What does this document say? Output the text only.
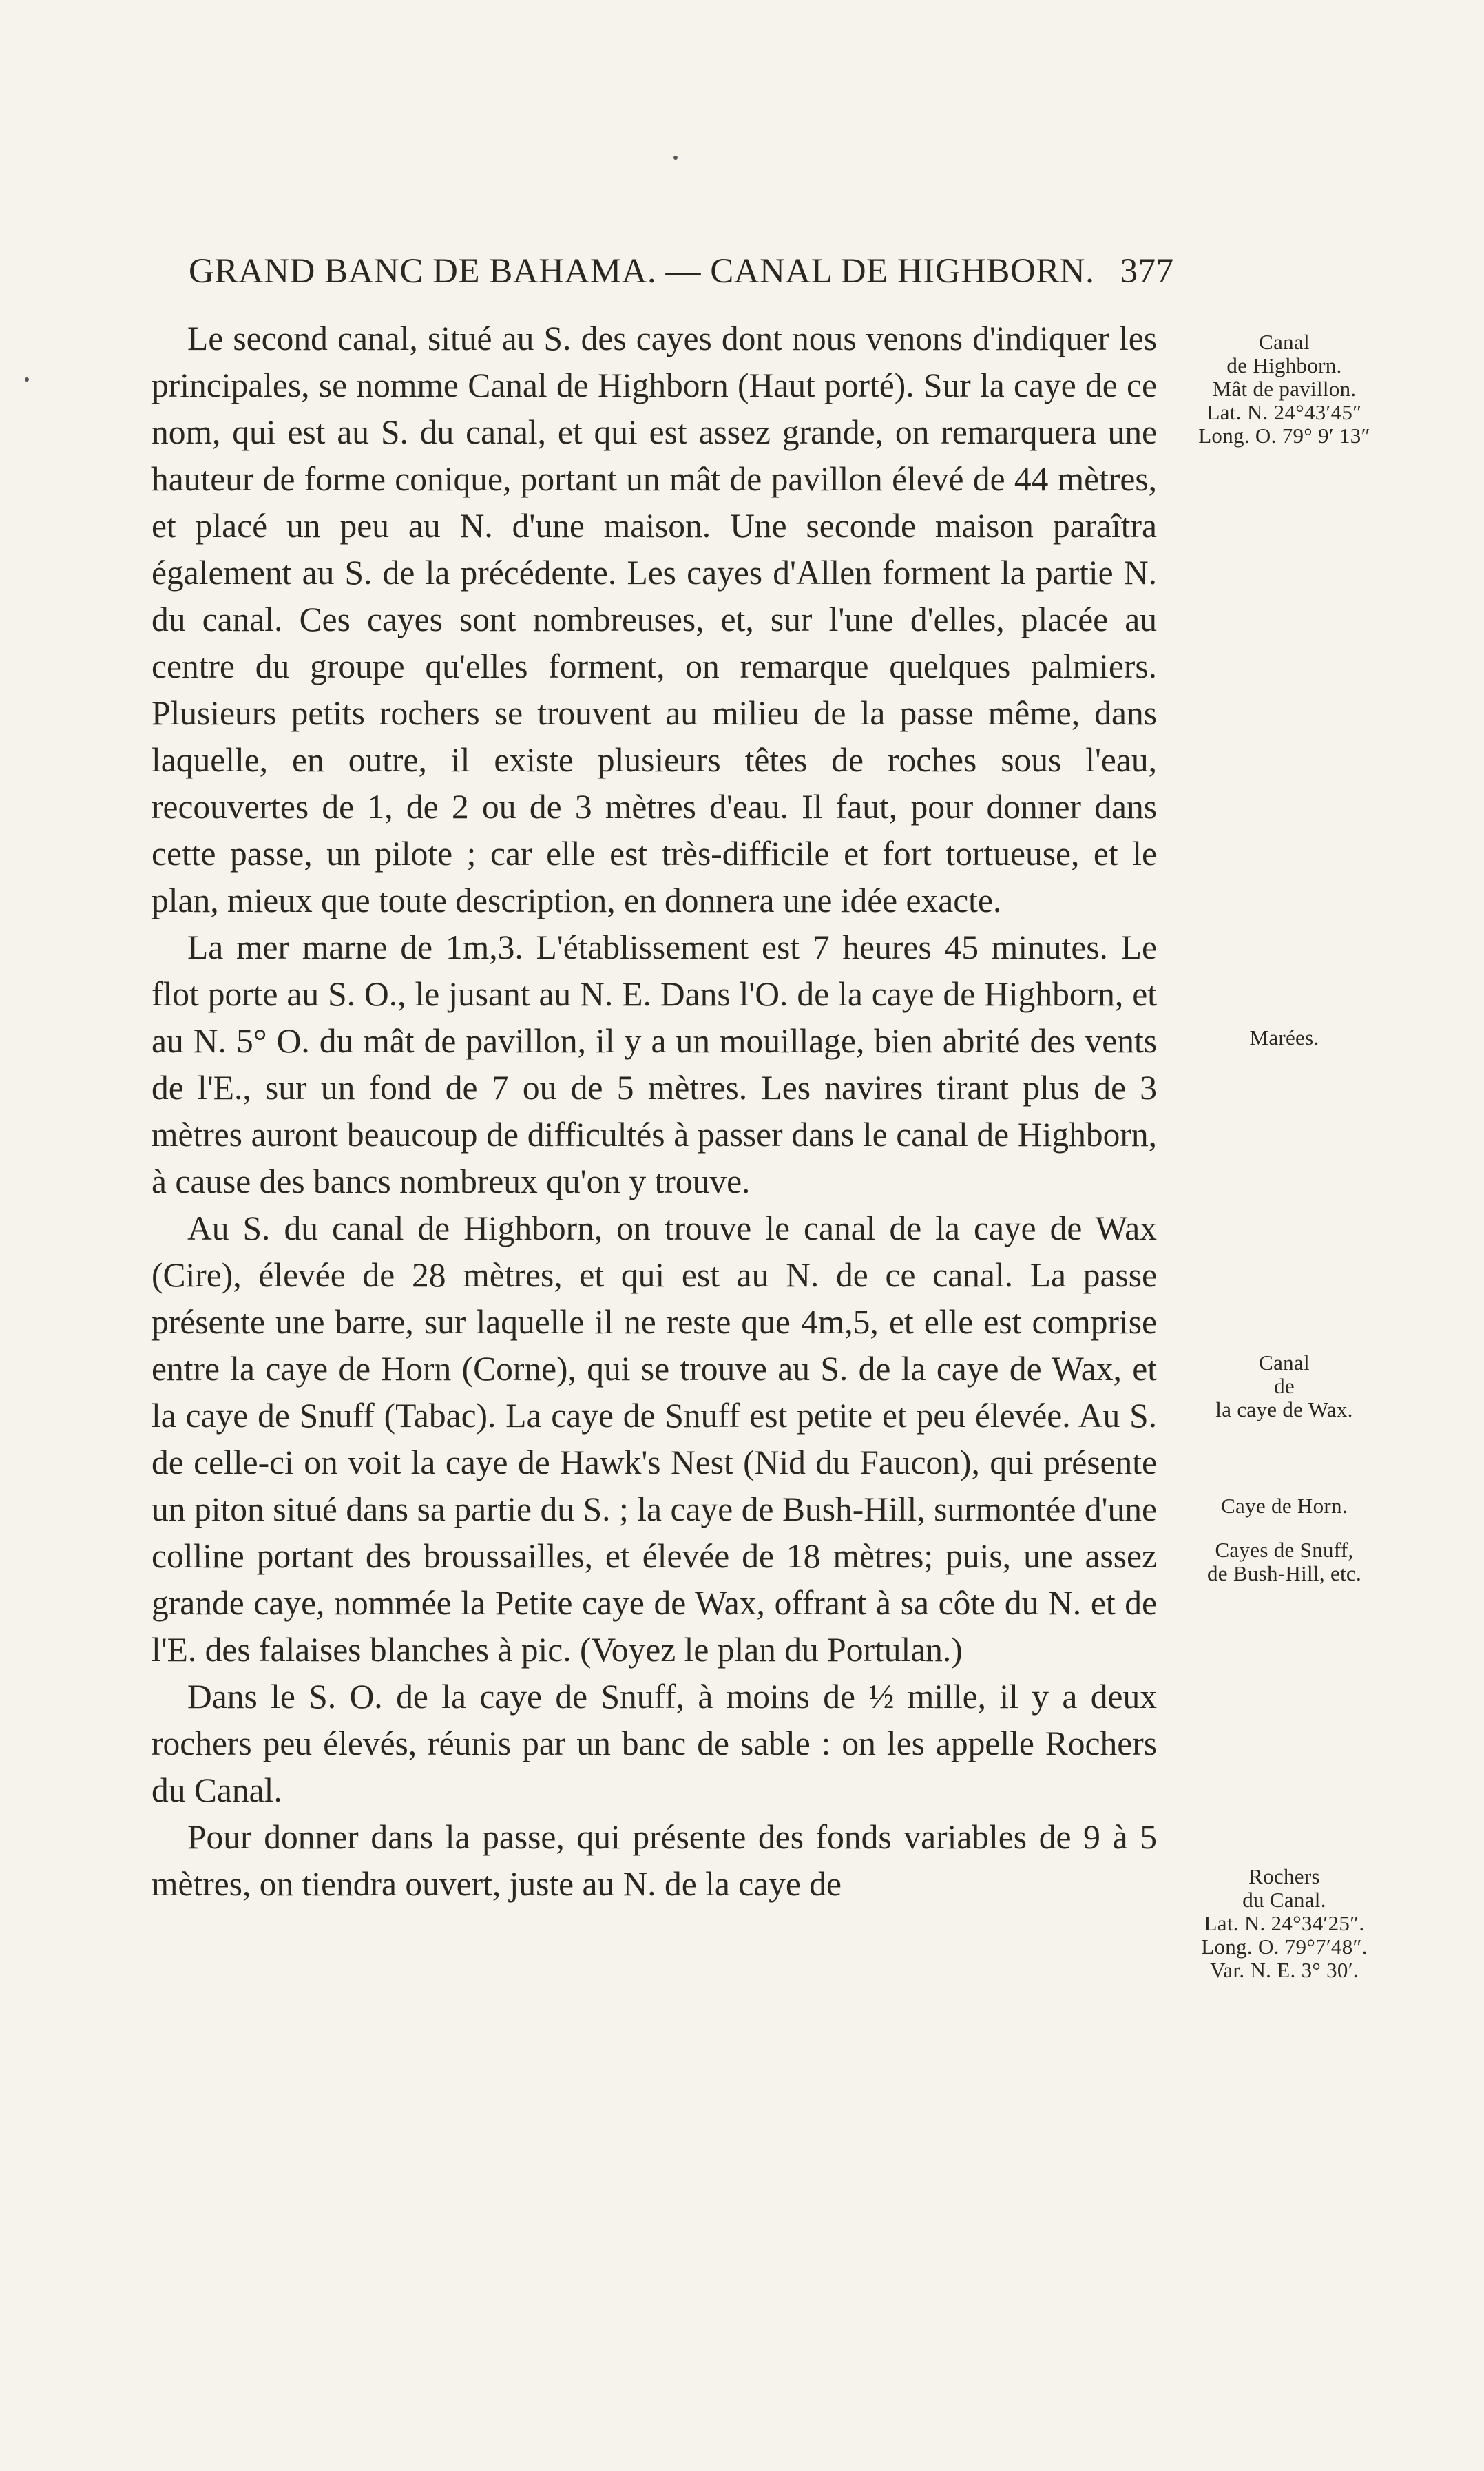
GRAND BANC DE BAHAMA. — CANAL DE HIGHBORN. 377

Le second canal, situé au S. des cayes dont nous venons d'indiquer les principales, se nomme Canal de Highborn (Haut porté). Sur la caye de ce nom, qui est au S. du canal, et qui est assez grande, on remarquera une hauteur de forme conique, portant un mât de pavillon élevé de 44 mètres, et placé un peu au N. d'une maison. Une seconde maison paraîtra également au S. de la précédente. Les cayes d'Allen forment la partie N. du canal. Ces cayes sont nombreuses, et, sur l'une d'elles, placée au centre du groupe qu'elles forment, on remarque quelques palmiers. Plusieurs petits rochers se trouvent au milieu de la passe même, dans laquelle, en outre, il existe plusieurs têtes de roches sous l'eau, recouvertes de 1, de 2 ou de 3 mètres d'eau. Il faut, pour donner dans cette passe, un pilote ; car elle est très-difficile et fort tortueuse, et le plan, mieux que toute description, en donnera une idée exacte.

La mer marne de 1m,3. L'établissement est 7 heures 45 minutes. Le flot porte au S. O., le jusant au N. E. Dans l'O. de la caye de Highborn, et au N. 5° O. du mât de pavillon, il y a un mouillage, bien abrité des vents de l'E., sur un fond de 7 ou de 5 mètres. Les navires tirant plus de 3 mètres auront beaucoup de difficultés à passer dans le canal de Highborn, à cause des bancs nombreux qu'on y trouve.

Au S. du canal de Highborn, on trouve le canal de la caye de Wax (Cire), élevée de 28 mètres, et qui est au N. de ce canal. La passe présente une barre, sur laquelle il ne reste que 4m,5, et elle est comprise entre la caye de Horn (Corne), qui se trouve au S. de la caye de Wax, et la caye de Snuff (Tabac). La caye de Snuff est petite et peu élevée. Au S. de celle-ci on voit la caye de Hawk's Nest (Nid du Faucon), qui présente un piton situé dans sa partie du S. ; la caye de Bush-Hill, surmontée d'une colline portant des broussailles, et élevée de 18 mètres; puis, une assez grande caye, nommée la Petite caye de Wax, offrant à sa côte du N. et de l'E. des falaises blanches à pic. (Voyez le plan du Portulan.)

Dans le S. O. de la caye de Snuff, à moins de ½ mille, il y a deux rochers peu élevés, réunis par un banc de sable : on les appelle Rochers du Canal.

Pour donner dans la passe, qui présente des fonds variables de 9 à 5 mètres, on tiendra ouvert, juste au N. de la caye de

Canal
de Highborn.
Mât de pavillon.
Lat. N. 24°43′45″
Long. O. 79° 9′ 13″
Marées.
Canal
de
la caye de Wax.
Caye de Horn.
Cayes de Snuff,
de Bush-Hill, etc.
Rochers
du Canal.
Lat. N. 24°34′25″.
Long. O. 79°7′48″.
Var. N. E. 3° 30′.
